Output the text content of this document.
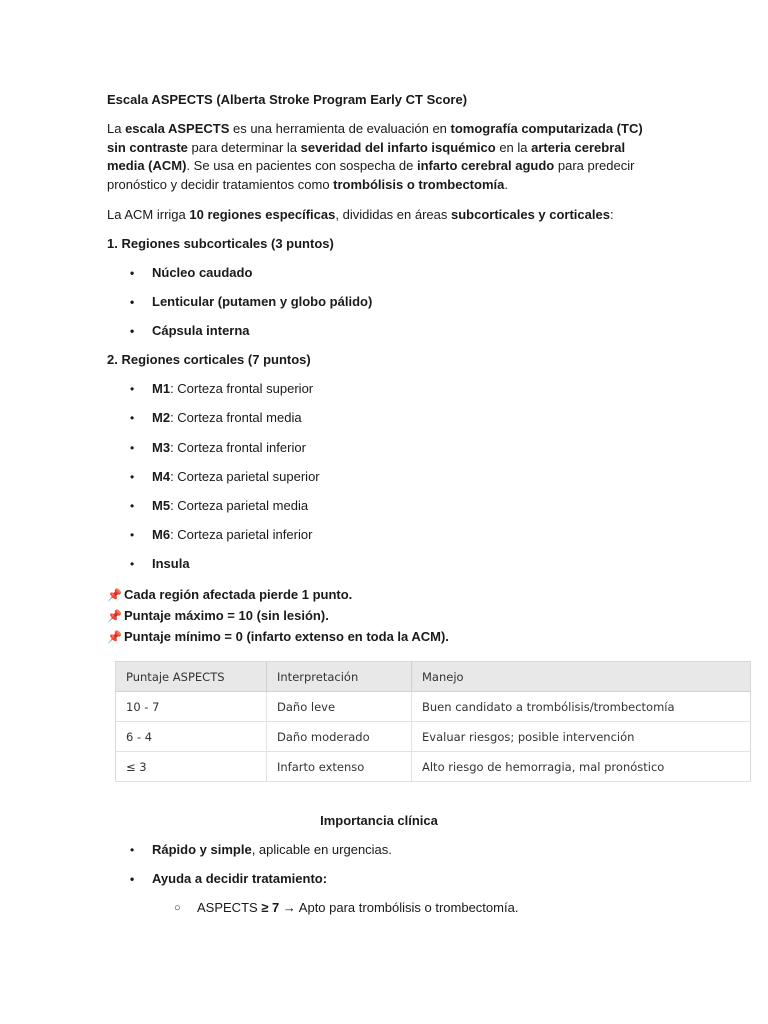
Escala ASPECTS (Alberta Stroke Program Early CT Score)
La escala ASPECTS es una herramienta de evaluación en tomografía computarizada (TC)
sin contraste para determinar la severidad del infarto isquémico en la arteria cerebral
media (ACM). Se usa en pacientes con sospecha de infarto cerebral agudo para predecir
pronóstico y decidir tratamientos como trombólisis o trombectomía.
La ACM irriga 10 regiones específicas, divididas en áreas subcorticales y corticales:
1. Regiones subcorticales (3 puntos)
• Núcleo caudado
• Lenticular (putamen y globo pálido)
• Cápsula interna
2. Regiones corticales (7 puntos)
• M1: Corteza frontal superior
• M2: Corteza frontal media
• M3: Corteza frontal inferior
• M4: Corteza parietal superior
• M5: Corteza parietal media
• M6: Corteza parietal inferior
• Insula
📌 Cada región afectada pierde 1 punto.
📌 Puntaje máximo = 10 (sin lesión).
📌 Puntaje mínimo = 0 (infarto extenso en toda la ACM).
Puntaje ASPECTS	Interpretación	Manejo
10 - 7	Daño leve	Buen candidato a trombólisis/trombectomía
6 - 4	Daño moderado	Evaluar riesgos; posible intervención
≤ 3	Infarto extenso	Alto riesgo de hemorragia, mal pronóstico
Importancia clínica
• Rápido y simple, aplicable en urgencias.
• Ayuda a decidir tratamiento:
○ ASPECTS ≥ 7 → Apto para trombólisis o trombectomía.
